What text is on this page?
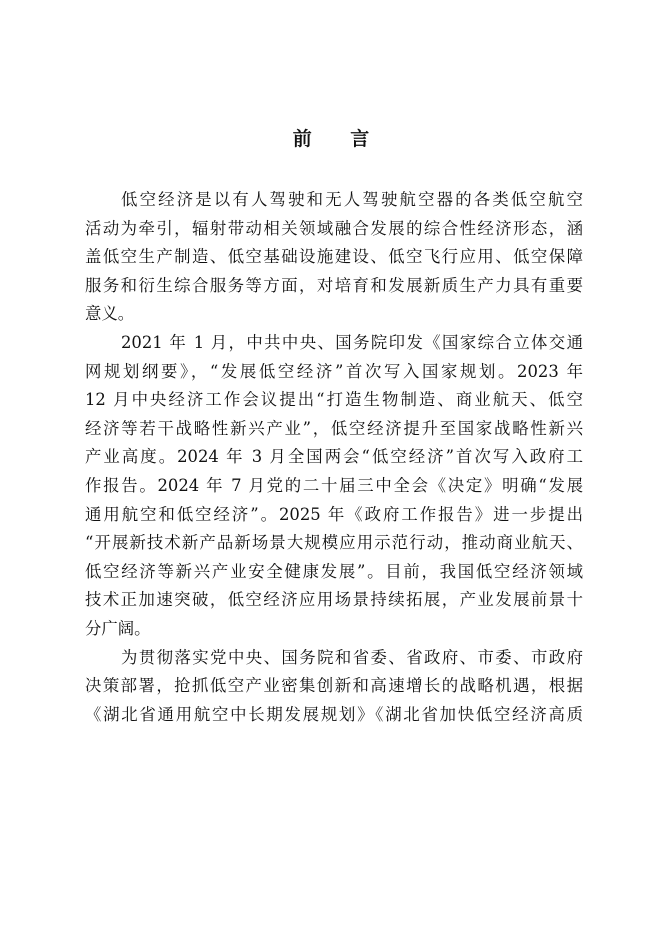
前 言
低空经济是以有人驾驶和无人驾驶航空器的各类低空航空
活动为牵引，辐射带动相关领域融合发展的综合性经济形态，涵
盖低空生产制造、低空基础设施建设、低空飞行应用、低空保障
服务和衍生综合服务等方面，对培育和发展新质生产力具有重要
意义。
2021 年 1 月，中共中央、国务院印发《国家综合立体交通
网规划纲要》，“发展低空经济”首次写入国家规划。2023 年
12 月中央经济工作会议提出“打造生物制造、商业航天、低空
经济等若干战略性新兴产业”，低空经济提升至国家战略性新兴
产业高度。2024 年 3 月全国两会“低空经济”首次写入政府工
作报告。2024 年 7 月党的二十届三中全会《决定》明确“发展
通用航空和低空经济”。2025 年《政府工作报告》进一步提出
“开展新技术新产品新场景大规模应用示范行动，推动商业航天、
低空经济等新兴产业安全健康发展”。目前，我国低空经济领域
技术正加速突破，低空经济应用场景持续拓展，产业发展前景十
分广阔。
为贯彻落实党中央、国务院和省委、省政府、市委、市政府
决策部署，抢抓低空产业密集创新和高速增长的战略机遇，根据
《湖北省通用航空中长期发展规划》《湖北省加快低空经济高质
